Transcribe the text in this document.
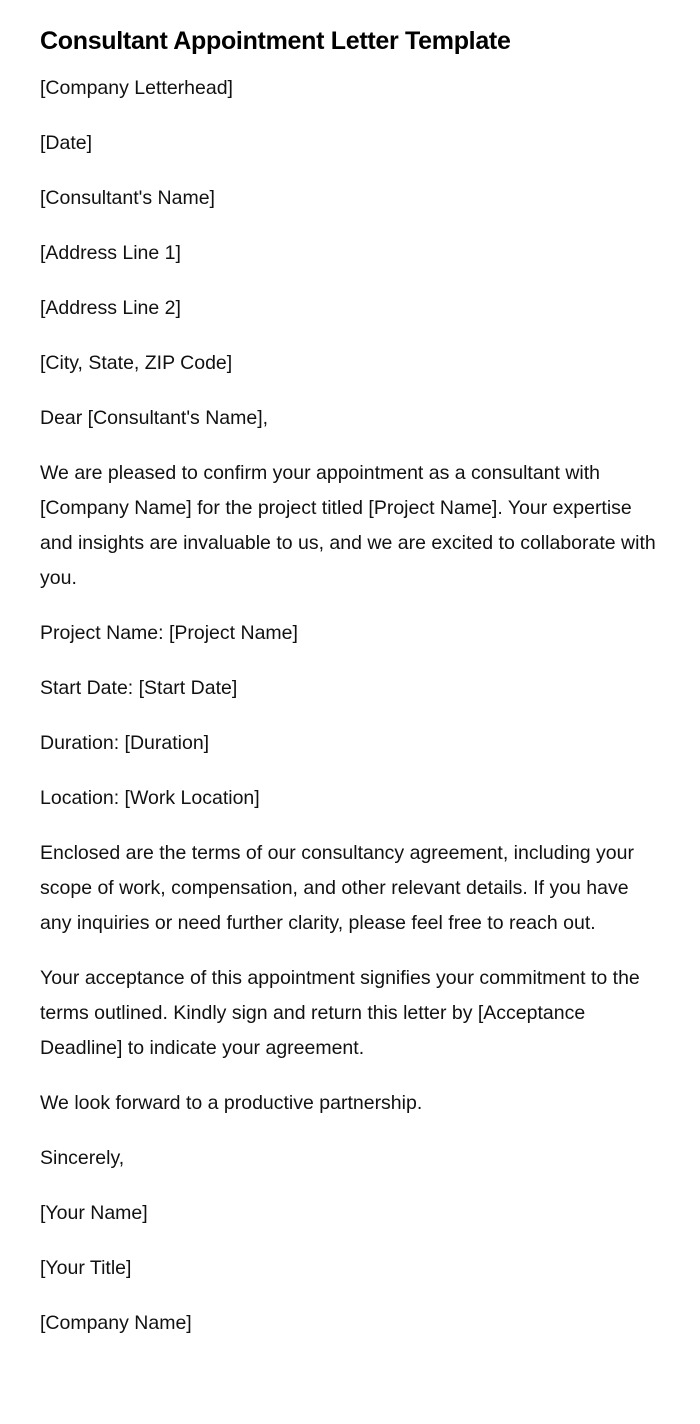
Consultant Appointment Letter Template

[Company Letterhead]

[Date]

[Consultant's Name]

[Address Line 1]

[Address Line 2]

[City, State, ZIP Code]

Dear [Consultant's Name],

We are pleased to confirm your appointment as a consultant with [Company Name] for the project titled [Project Name]. Your expertise and insights are invaluable to us, and we are excited to collaborate with you.

Project Name: [Project Name]

Start Date: [Start Date]

Duration: [Duration]

Location: [Work Location]

Enclosed are the terms of our consultancy agreement, including your scope of work, compensation, and other relevant details. If you have any inquiries or need further clarity, please feel free to reach out.

Your acceptance of this appointment signifies your commitment to the terms outlined. Kindly sign and return this letter by [Acceptance Deadline] to indicate your agreement.

We look forward to a productive partnership.

Sincerely,

[Your Name]

[Your Title]

[Company Name]
